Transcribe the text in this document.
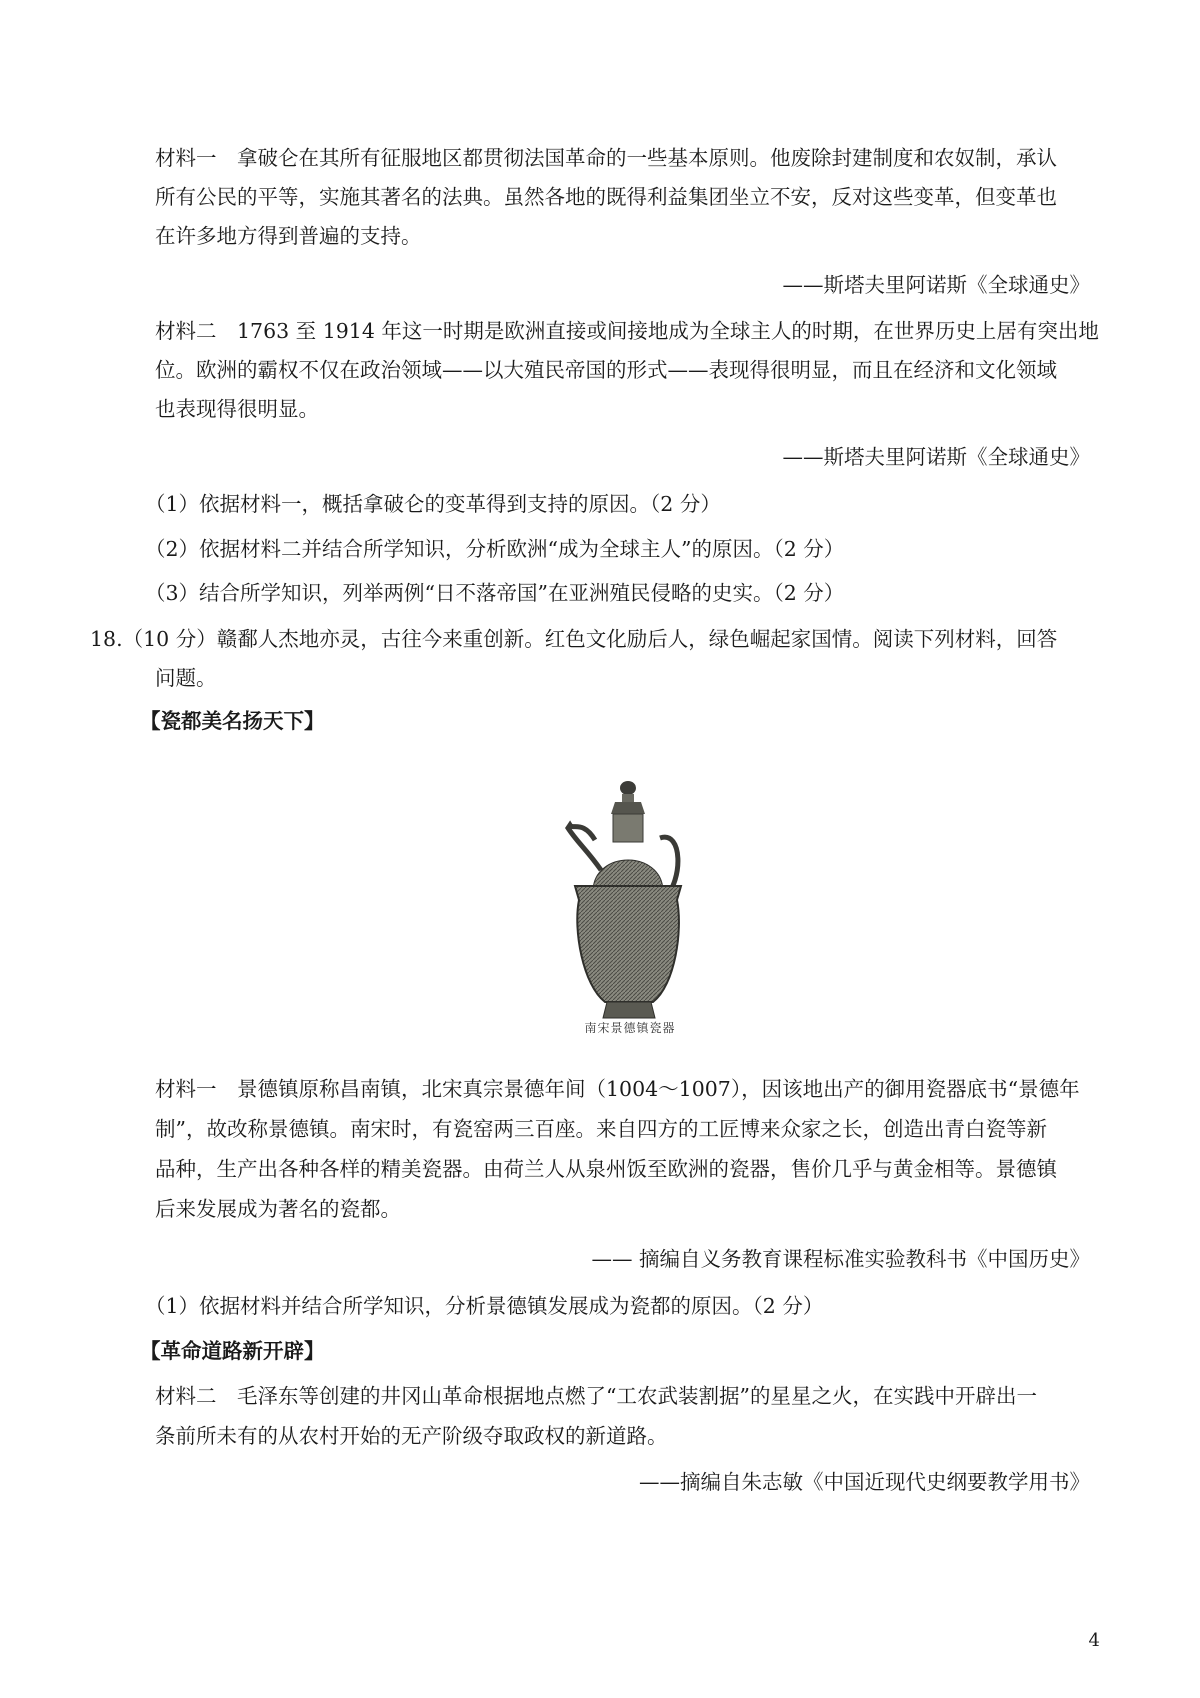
材料一　拿破仑在其所有征服地区都贯彻法国革命的一些基本原则。他废除封建制度和农奴制，承认
所有公民的平等，实施其著名的法典。虽然各地的既得利益集团坐立不安，反对这些变革，但变革也
在许多地方得到普遍的支持。
——斯塔夫里阿诺斯《全球通史》
材料二　1763 至 1914 年这一时期是欧洲直接或间接地成为全球主人的时期，在世界历史上居有突出地
位。欧洲的霸权不仅在政治领域——以大殖民帝国的形式——表现得很明显，而且在经济和文化领域
也表现得很明显。
——斯塔夫里阿诺斯《全球通史》
（1）依据材料一，概括拿破仑的变革得到支持的原因。（2 分）
（2）依据材料二并结合所学知识，分析欧洲“成为全球主人”的原因。（2 分）
（3）结合所学知识，列举两例“日不落帝国”在亚洲殖民侵略的史实。（2 分）
18.（10 分）赣鄱人杰地亦灵，古往今来重创新。红色文化励后人，绿色崛起家国情。阅读下列材料，回答
问题。
【瓷都美名扬天下】
南宋景德镇瓷器
材料一　景德镇原称昌南镇，北宋真宗景德年间（1004～1007），因该地出产的御用瓷器底书“景德年
制”，故改称景德镇。南宋时，有瓷窑两三百座。来自四方的工匠博来众家之长，创造出青白瓷等新
品种，生产出各种各样的精美瓷器。由荷兰人从泉州饭至欧洲的瓷器，售价几乎与黄金相等。景德镇
后来发展成为著名的瓷都。
—— 摘编自义务教育课程标准实验教科书《中国历史》
（1）依据材料并结合所学知识，分析景德镇发展成为瓷都的原因。（2 分）
【革命道路新开辟】
材料二　毛泽东等创建的井冈山革命根据地点燃了“工农武装割据”的星星之火，在实践中开辟出一
条前所未有的从农村开始的无产阶级夺取政权的新道路。
——摘编自朱志敏《中国近现代史纲要教学用书》
4
